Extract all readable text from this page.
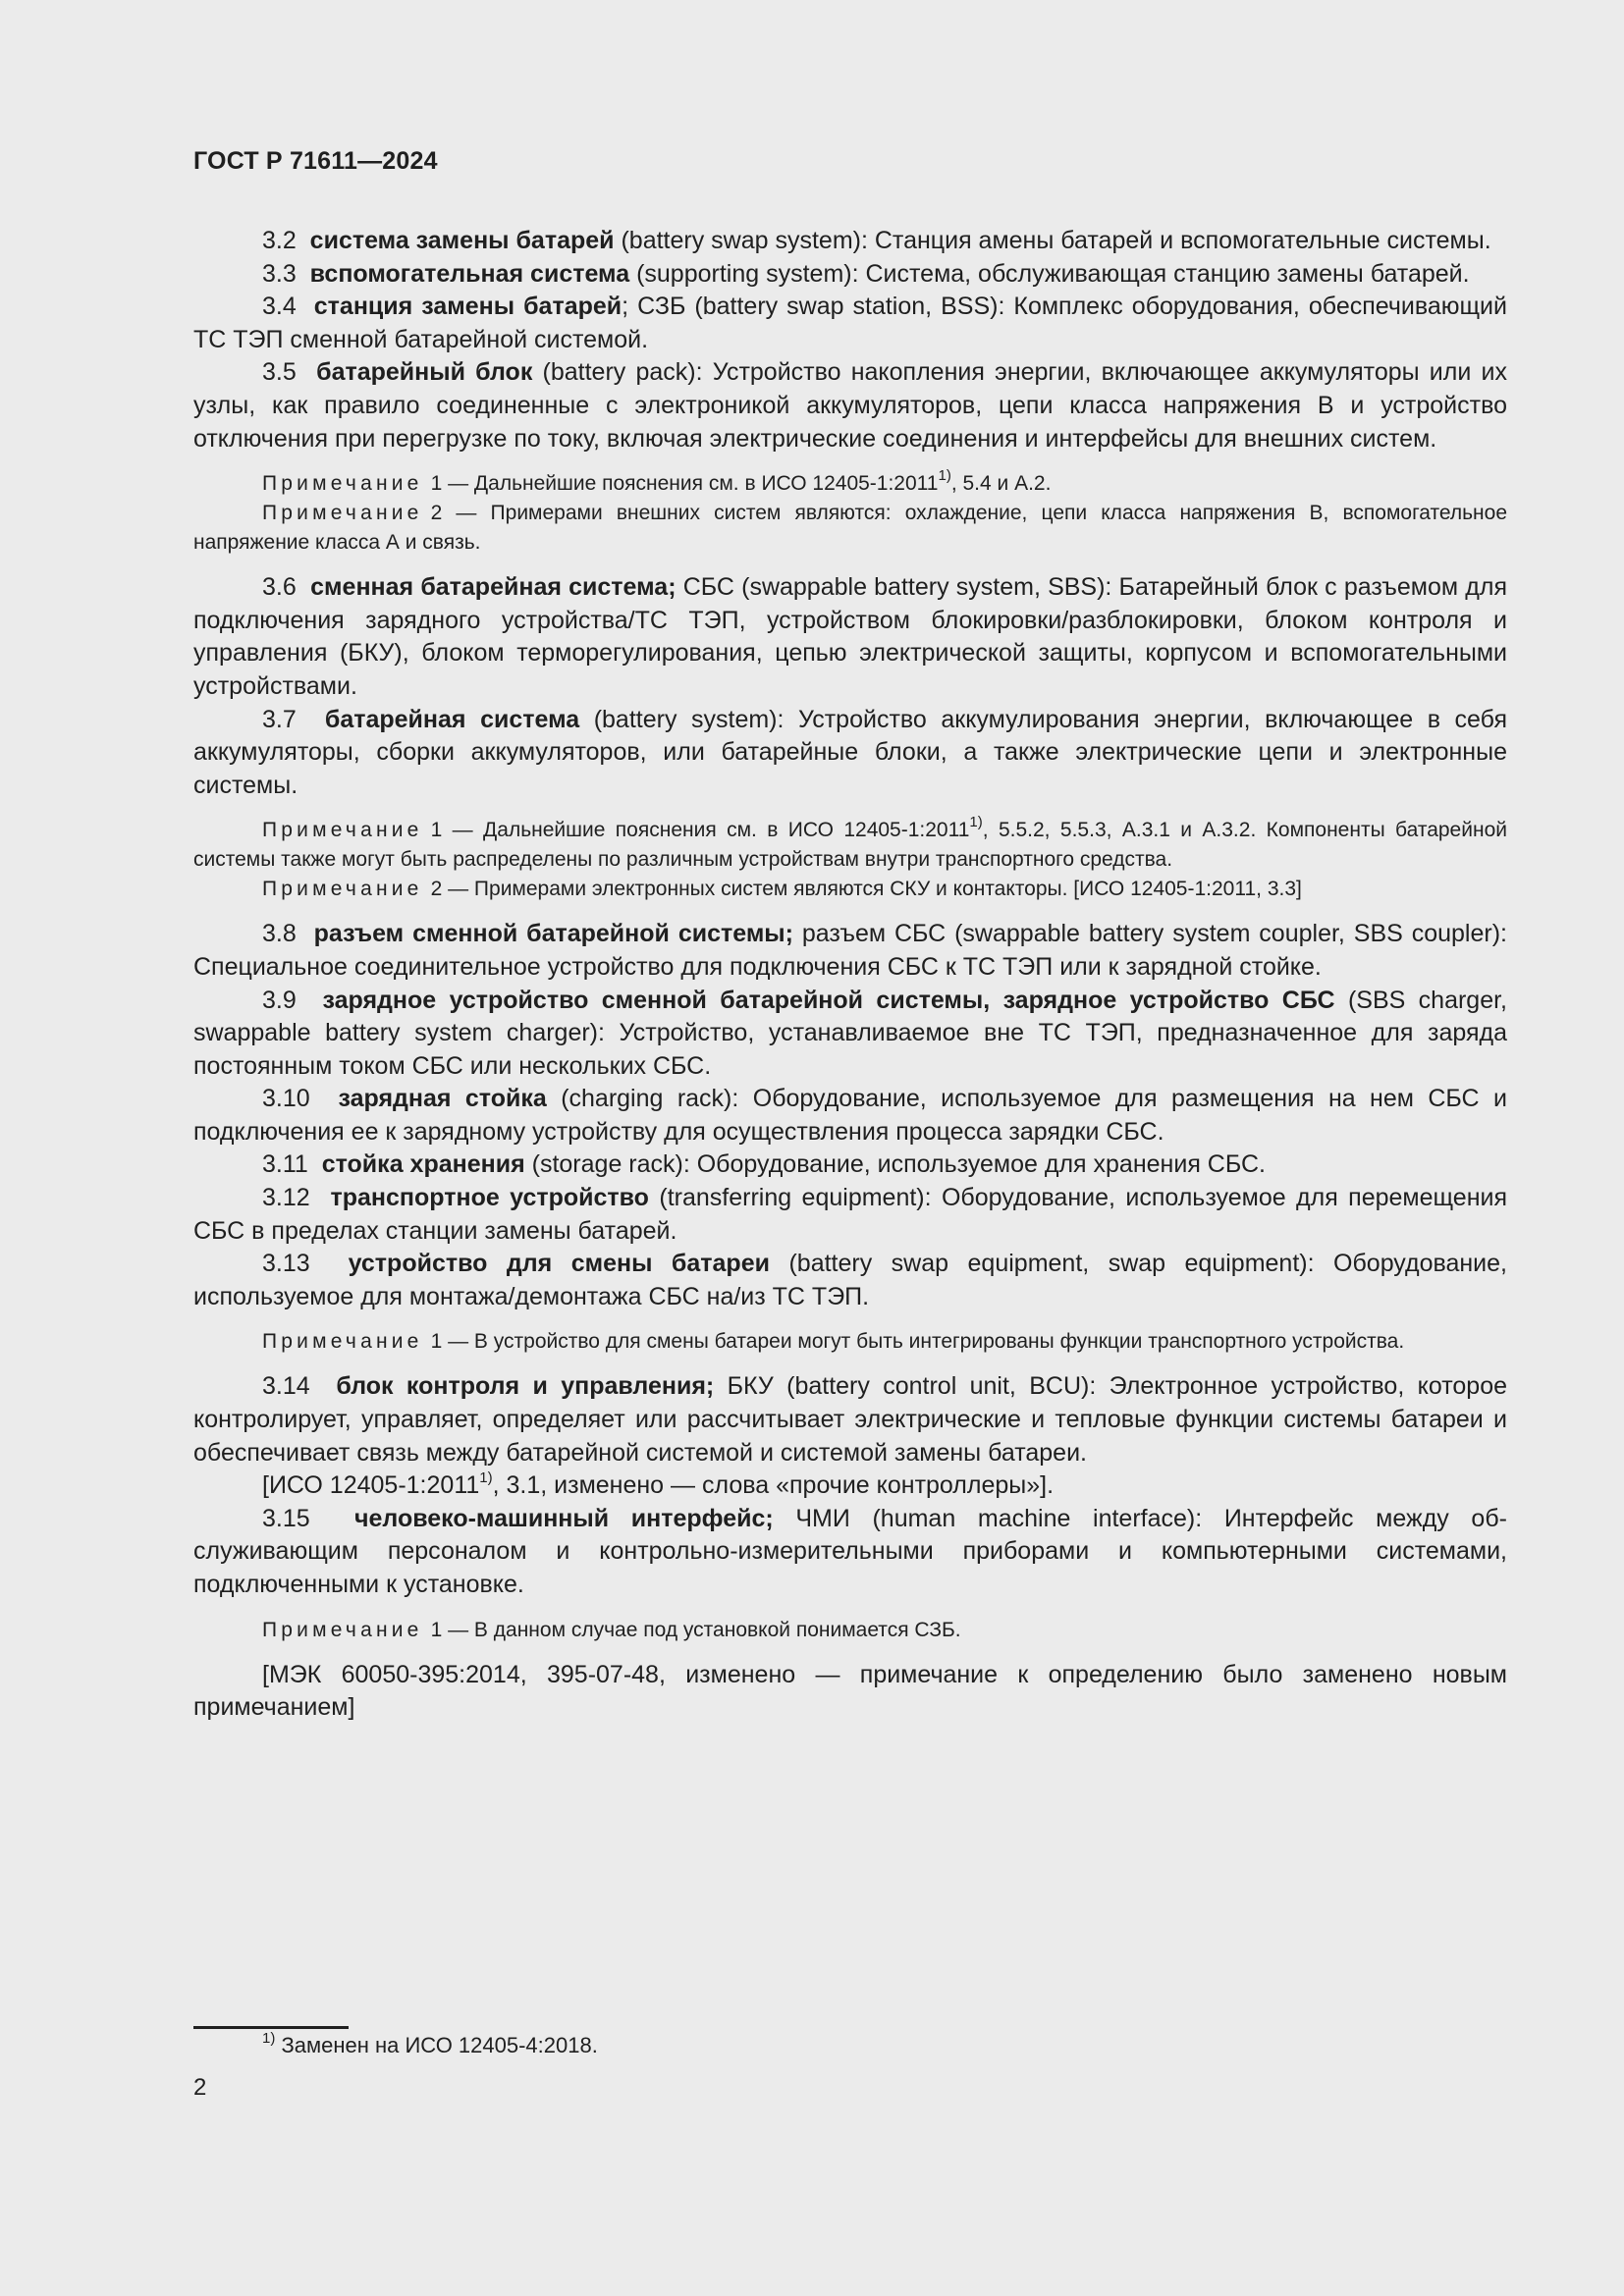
ГОСТ Р 71611—2024

3.2 система замены батарей (battery swap system): Станция амены батарей и вспомогательные системы.

3.3 вспомогательная система (supporting system): Система, обслуживающая станцию замены батарей.

3.4 станция замены батарей; СЗБ (battery swap station, BSS): Комплекс оборудования, обеспечивающий ТС ТЭП сменной батарейной системой.

3.5 батарейный блок (battery pack): Устройство накопления энергии, включающее аккумуляторы или их узлы, как правило соединенные с электроникой аккумуляторов, цепи класса напряжения В и устройство отключения при перегрузке по току, включая электрические соединения и интерфейсы для внешних систем.

Примечание 1 — Дальнейшие пояснения см. в ИСО 12405-1:2011$^{1)}$, 5.4 и А.2.

Примечание 2 — Примерами внешних систем являются: охлаждение, цепи класса напряжения В, вспомогательное напряжение класса А и связь.

3.6 сменная батарейная система; СБС (swappable battery system, SBS): Батарейный блок с разъемом для подключения зарядного устройства/ТС ТЭП, устройством блокировки/разблокировки, блоком контроля и управления (БКУ), блоком терморегулирования, цепью электрической защиты, корпусом и вспомогательными устройствами.

3.7 батарейная система (battery system): Устройство аккумулирования энергии, включающее в себя аккумуляторы, сборки аккумуляторов, или батарейные блоки, а также электрические цепи и электронные системы.

Примечание 1 — Дальнейшие пояснения см. в ИСО 12405-1:2011$^{1)}$, 5.5.2, 5.5.3, А.3.1 и А.3.2. Компоненты батарейной системы также могут быть распределены по различным устройствам внутри транспортного средства.

Примечание 2 — Примерами электронных систем являются СКУ и контакторы. [ИСО 12405-1:2011, 3.3]

3.8 разъем сменной батарейной системы; разъем СБС (swappable battery system coupler, SBS coupler): Специальное соединительное устройство для подключения СБС к ТС ТЭП или к зарядной стойке.

3.9 зарядное устройство сменной батарейной системы, зарядное устройство СБС (SBS charger, swappable battery system charger): Устройство, устанавливаемое вне ТС ТЭП, предназначенное для заряда постоянным током СБС или нескольких СБС.

3.10 зарядная стойка (charging rack): Оборудование, используемое для размещения на нем СБС и подключения ее к зарядному устройству для осуществления процесса зарядки СБС.

3.11 стойка хранения (storage rack): Оборудование, используемое для хранения СБС.

3.12 транспортное устройство (transferring equipment): Оборудование, используемое для перемещения СБС в пределах станции замены батарей.

3.13 устройство для смены батареи (battery swap equipment, swap equipment): Оборудование, используемое для монтажа/демонтажа СБС на/из ТС ТЭП.

Примечание 1 — В устройство для смены батареи могут быть интегрированы функции транспортного устройства.

3.14 блок контроля и управления; БКУ (battery control unit, BCU): Электронное устройство, которое контролирует, управляет, определяет или рассчитывает электрические и тепловые функции системы батареи и обеспечивает связь между батарейной системой и системой замены батареи.

[ИСО 12405-1:2011$^{1)}$, 3.1, изменено — слова «прочие контроллеры»].

3.15 человеко-машинный интерфейс; ЧМИ (human machine interface): Интерфейс между обслуживающим персоналом и контрольно-измерительными приборами и компьютерными системами, подключенными к установке.

Примечание 1 — В данном случае под установкой понимается СЗБ.

[МЭК 60050-395:2014, 395-07-48, изменено — примечание к определению было заменено новым примечанием]

$^{1)}$ Заменен на ИСО 12405-4:2018.
2
